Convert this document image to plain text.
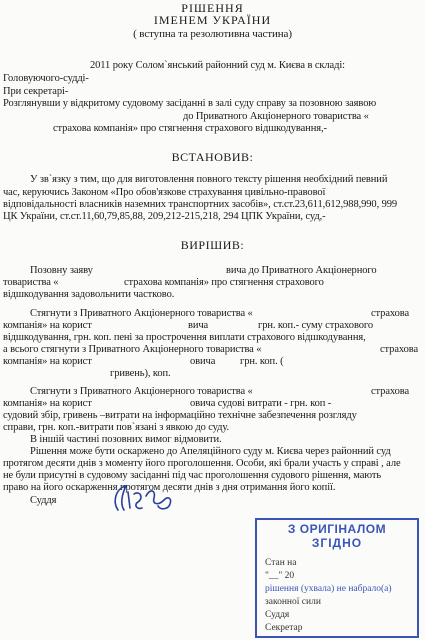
РІШЕННЯ
ІМЕНЕМ УКРАЇНИ
( вступна та резолютивна частина)
2011 року Солом`янський районний суд м. Києва в складі:
Головуючого-судді-
При секретарі-
Розглянувши у відкритому судовому засіданні в залі суду справу за позовною заявою
до Приватного Акціонерного товариства «
страхова компанія» про стягнення страхового відшкодування,-
ВСТАНОВИВ:
У зв`язку з тим, що для виготовлення повного тексту рішення необхідний певний
час, керуючись Законом «Про обов'язкове страхування цивільно-правової
відповідальності власників наземних транспортних засобів», ст.ст.23,611,612,988,990, 999
ЦК України, ст.ст.11,60,79,85,88, 209,212-215,218, 294 ЦПК України, суд,-
ВИРІШИВ:
Позовну заяву	вича до Приватного Акціонерного
товариства «	страхова компанія» про стягнення страхового
відшкодування задовольнити частково.
Стягнути з Приватного Акціонерного товариства «	страхова
компанія» на корист	вича	грн. коп.- суму страхового
відшкодування, грн. коп. пені за прострочення виплати страхового відшкодування,
а всього стягнути з Приватного Акціонерного товариства «	страхова
компанія» на корист	овича грн. коп. (
гривень), коп.
Стягнути з Приватного Акціонерного товариства «	страхова
компанія» на корист	овича судові витрати - грн. коп -
судовий збір, гривень –витрати на інформаційно технічне забезпечення розгляду
справи, грн. коп.-витрати пов`язані з явкою до суду.
В іншій частині позовних вимог відмовити.
Рішення може бути оскаржено до Апеляційного суду м. Києва через районний суд
протягом десяти днів з моменту його проголошення. Особи, які брали участь у справі , але
не були присутні в судовому засіданні під час проголошення судового рішення, мають
право на його оскарження протягом десяти днів з дня отримання його копії.
Суддя
З ОРИГІНАЛОМ
ЗГІДНО
Стан на
"__" 20
рішення (ухвала) не набрало(а)
законної сили
Суддя
Секретар
